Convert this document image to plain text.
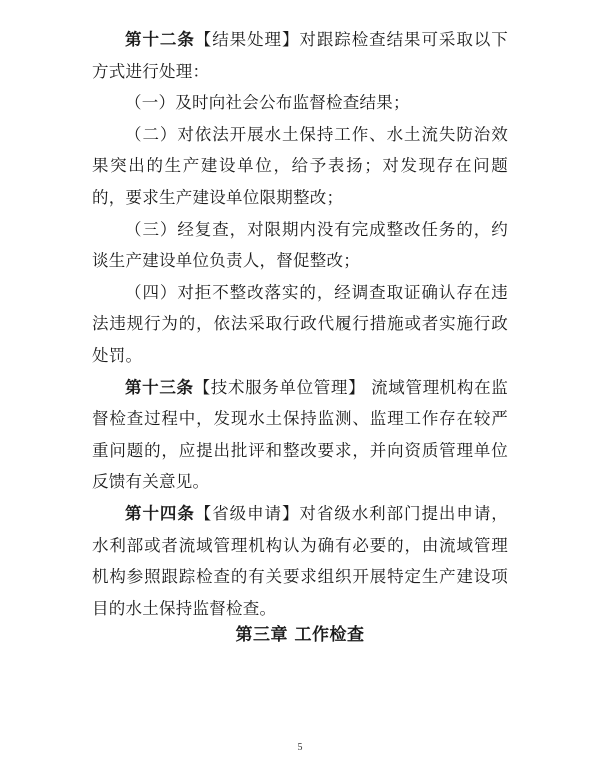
第十二条【结果处理】对跟踪检查结果可采取以下方式进行处理：

（一）及时向社会公布监督检查结果；

（二）对依法开展水土保持工作、水土流失防治效果突出的生产建设单位，给予表扬；对发现存在问题的，要求生产建设单位限期整改；

（三）经复查，对限期内没有完成整改任务的，约谈生产建设单位负责人，督促整改；

（四）对拒不整改落实的，经调查取证确认存在违法违规行为的，依法采取行政代履行措施或者实施行政处罚。

第十三条【技术服务单位管理】 流域管理机构在监督检查过程中，发现水土保持监测、监理工作存在较严重问题的，应提出批评和整改要求，并向资质管理单位反馈有关意见。

第十四条【省级申请】对省级水利部门提出申请，水利部或者流域管理机构认为确有必要的，由流域管理机构参照跟踪检查的有关要求组织开展特定生产建设项目的水土保持监督检查。

第三章 工作检查
5
